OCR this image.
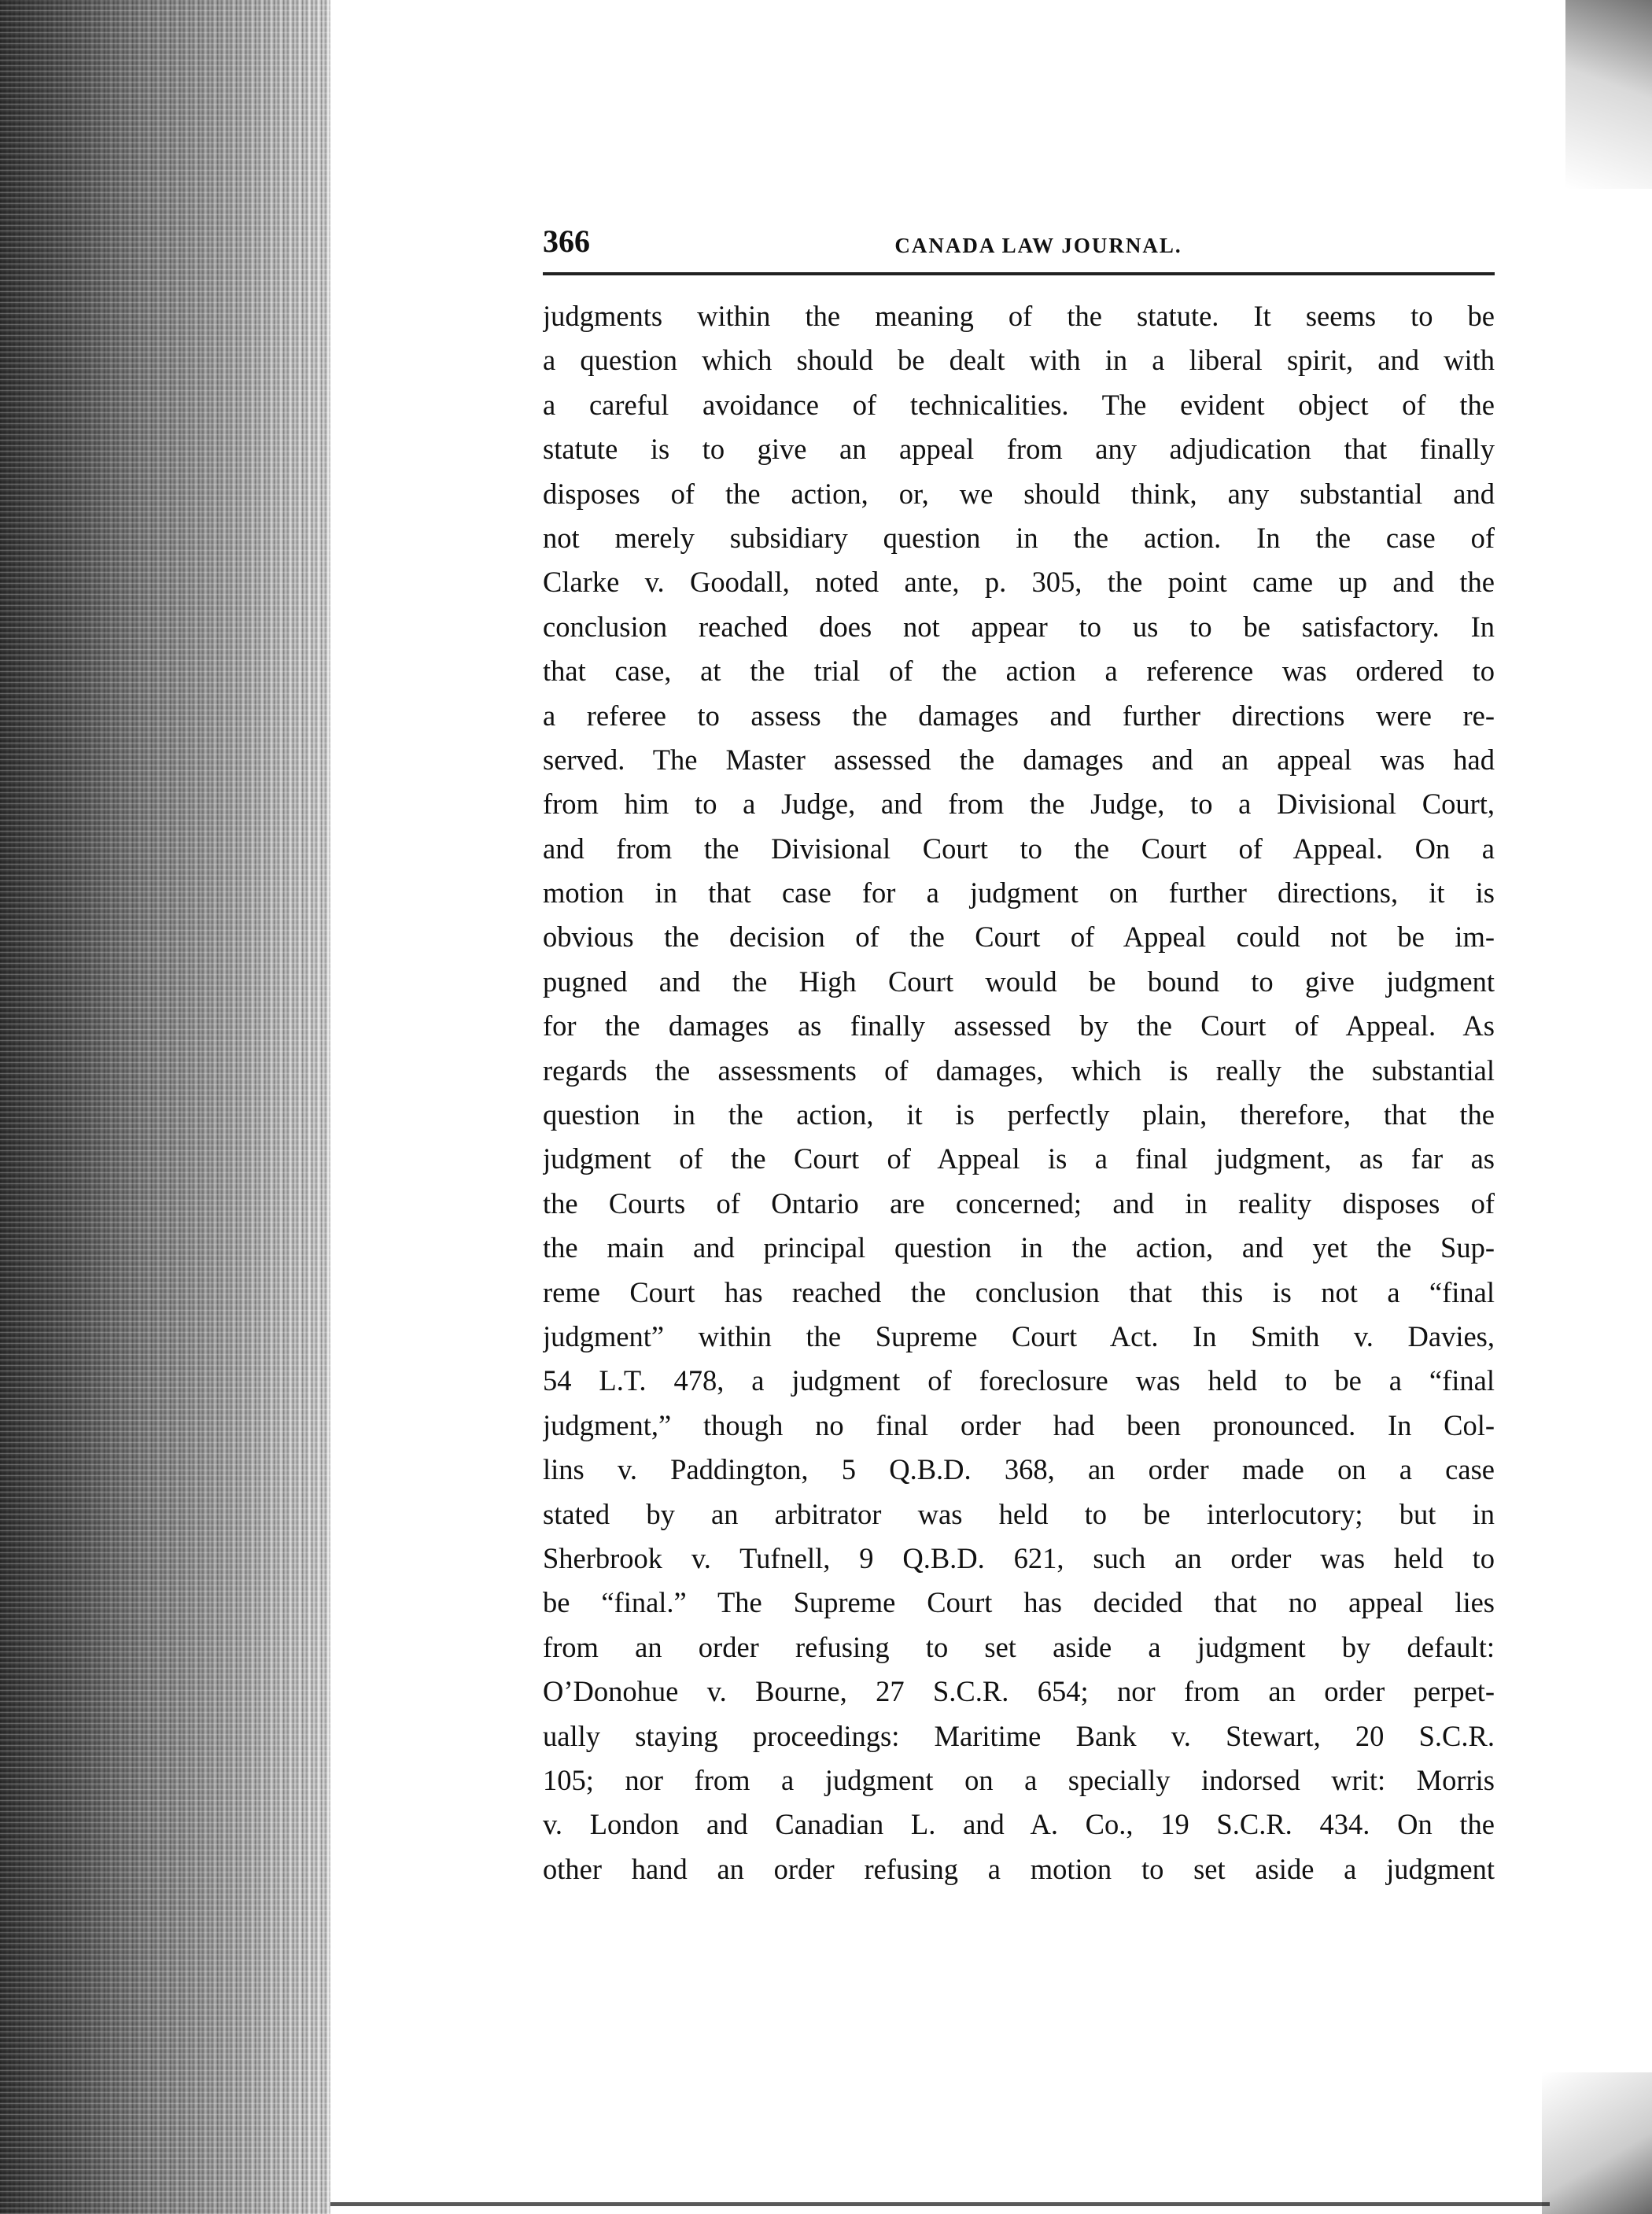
366	CANADA LAW JOURNAL.
judgments within the meaning of the statute. It seems to be
a question which should be dealt with in a liberal spirit, and with
a careful avoidance of technicalities. The evident object of the
statute is to give an appeal from any adjudication that finally
disposes of the action, or, we should think, any substantial and
not merely subsidiary question in the action. In the case of
Clarke v. Goodall, noted ante, p. 305, the point came up and the
conclusion reached does not appear to us to be satisfactory. In
that case, at the trial of the action a reference was ordered to
a referee to assess the damages and further directions were re-
served. The Master assessed the damages and an appeal was had
from him to a Judge, and from the Judge, to a Divisional Court,
and from the Divisional Court to the Court of Appeal. On a
motion in that case for a judgment on further directions, it is
obvious the decision of the Court of Appeal could not be im-
pugned and the High Court would be bound to give judgment
for the damages as finally assessed by the Court of Appeal. As
regards the assessments of damages, which is really the substantial
question in the action, it is perfectly plain, therefore, that the
judgment of the Court of Appeal is a final judgment, as far as
the Courts of Ontario are concerned; and in reality disposes of
the main and principal question in the action, and yet the Sup-
reme Court has reached the conclusion that this is not a “final
judgment” within the Supreme Court Act. In Smith v. Davies,
54 L.T. 478, a judgment of foreclosure was held to be a “final
judgment,” though no final order had been pronounced. In Col-
lins v. Paddington, 5 Q.B.D. 368, an order made on a case
stated by an arbitrator was held to be interlocutory; but in
Sherbrook v. Tufnell, 9 Q.B.D. 621, such an order was held to
be “final.” The Supreme Court has decided that no appeal lies
from an order refusing to set aside a judgment by default:
O’Donohue v. Bourne, 27 S.C.R. 654; nor from an order perpet-
ually staying proceedings: Maritime Bank v. Stewart, 20 S.C.R.
105; nor from a judgment on a specially indorsed writ: Morris
v. London and Canadian L. and A. Co., 19 S.C.R. 434. On the
other hand an order refusing a motion to set aside a judgment
